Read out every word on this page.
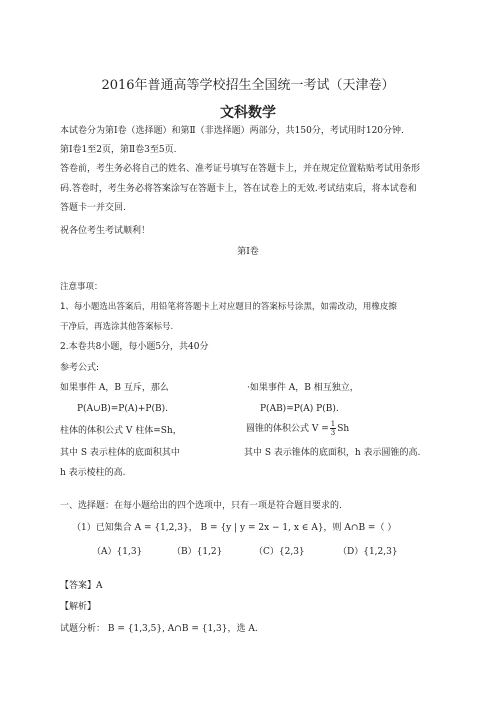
2016年普通高等学校招生全国统一考试（天津卷）
文科数学
本试卷分为第Ⅰ卷（选择题）和第Ⅱ（非选择题）两部分，共150分，考试用时120分钟.
第Ⅰ卷1至2页，第Ⅱ卷3至5页.
答卷前，考生务必将自己的姓名、准考证号填写在答题卡上，并在规定位置粘贴考试用条形
码.答卷时，考生务必将答案涂写在答题卡上，答在试卷上的无效.考试结束后，将本试卷和
答题卡一并交回.
祝各位考生考试顺利！
第Ⅰ卷
注意事项：
1、每小题选出答案后，用铅笔将答题卡上对应题目的答案标号涂黑，如需改动，用橡皮擦
干净后，再选涂其他答案标号.
2.本卷共8小题，每小题5分，共40分
参考公式:
如果事件 A，B 互斥，那么	·如果事件 A，B 相互独立，
P(A∪B)=P(A)+P(B).	P(AB)=P(A) P(B).
柱体的体积公式 V 柱体=Sh，	圆锥的体积公式 $V = \frac{1}{3}$ Sh
其中 S 表示柱体的底面积其中	其中 S 表示锥体的底面积，h 表示圆锥的高.
h 表示棱柱的高.
一、选择题：在每小题给出的四个选项中，只有一项是符合题目要求的.
（1）已知集合 A = {1,2,3}， B = {y | y = 2x − 1, x ∈ A}，则 A∩B =（ ）
（A）{1,3}	（B）{1,2}	（C）{2,3}	（D）{1,2,3}
【答案】A
【解析】
试题分析： B = {1,3,5}, A∩B = {1,3}，选 A.
